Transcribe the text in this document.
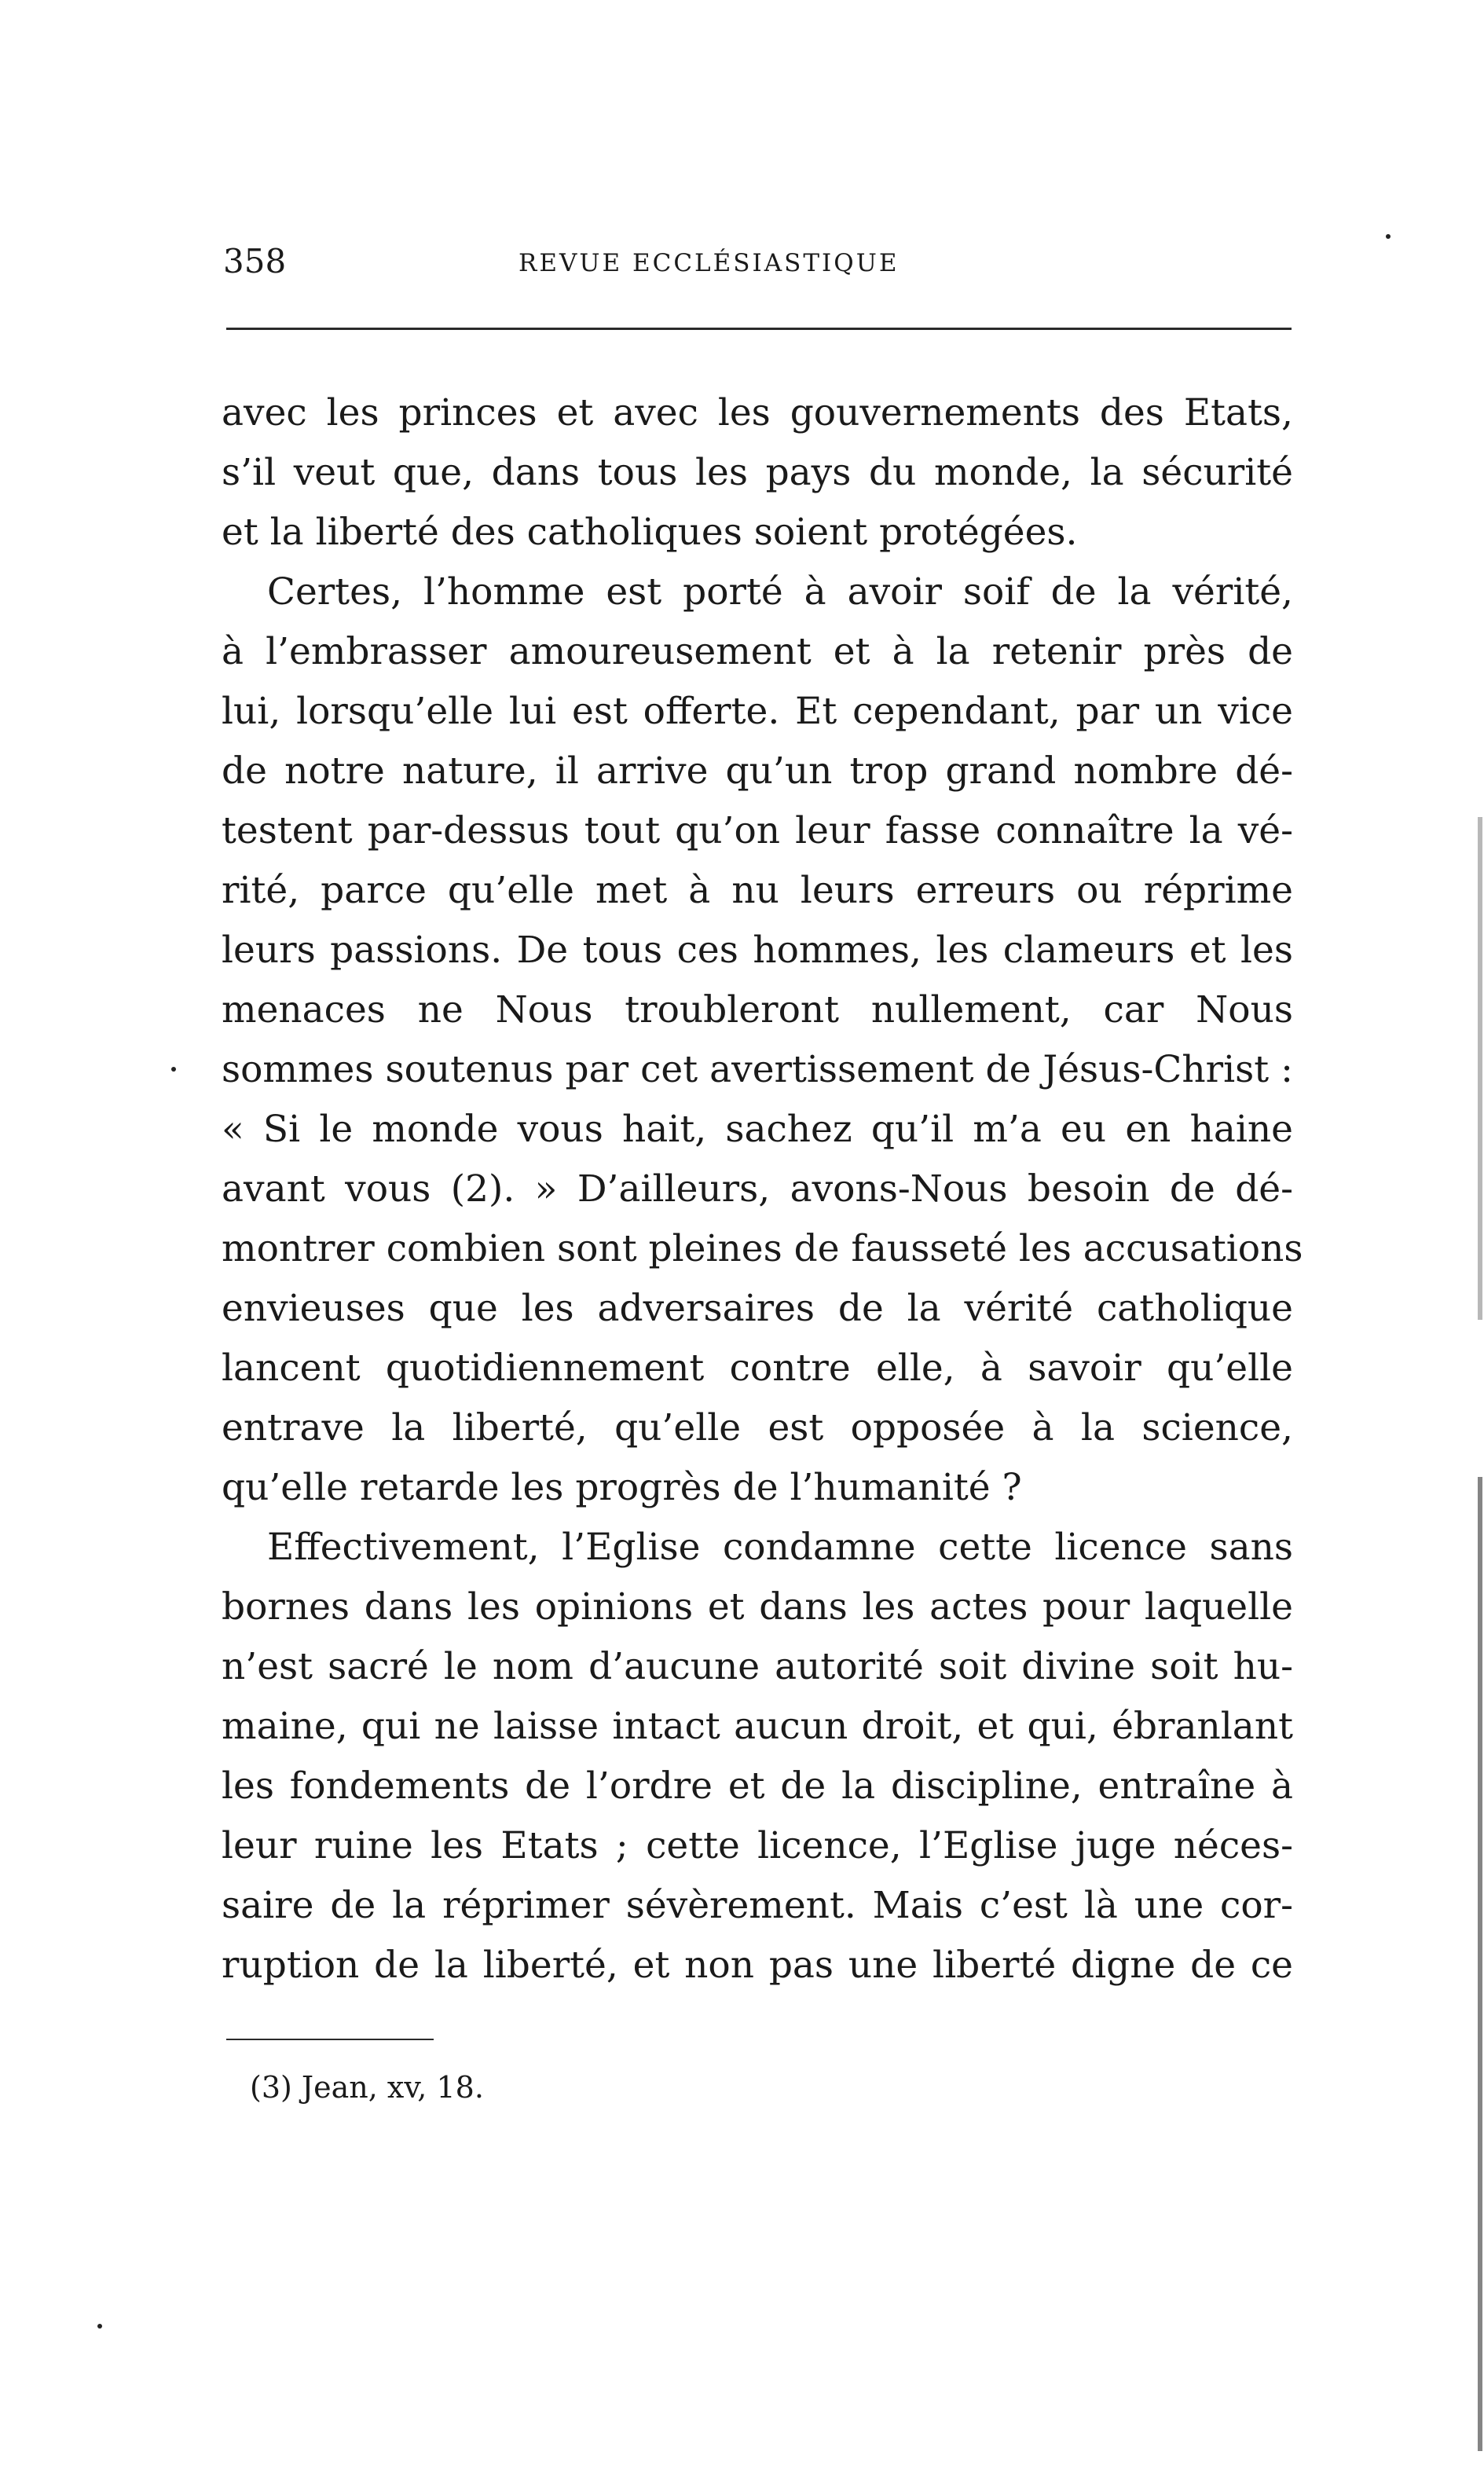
358	REVUE ECCLÉSIASTIQUE
avec les princes et avec les gouvernements des Etats,
s’il veut que, dans tous les pays du monde, la sécurité
et la liberté des catholiques soient protégées.
Certes, l’homme est porté à avoir soif de la vérité,
à l’embrasser amoureusement et à la retenir près de
lui, lorsqu’elle lui est offerte. Et cependant, par un vice
de notre nature, il arrive qu’un trop grand nombre dé-
testent par-dessus tout qu’on leur fasse connaître la vé-
rité, parce qu’elle met à nu leurs erreurs ou réprime
leurs passions. De tous ces hommes, les clameurs et les
menaces ne Nous troubleront nullement, car Nous
sommes soutenus par cet avertissement de Jésus-Christ :
« Si le monde vous hait, sachez qu’il m’a eu en haine
avant vous (2). » D’ailleurs, avons-Nous besoin de dé-
montrer combien sont pleines de fausseté les accusations
envieuses que les adversaires de la vérité catholique
lancent quotidiennement contre elle, à savoir qu’elle
entrave la liberté, qu’elle est opposée à la science,
qu’elle retarde les progrès de l’humanité ?
Effectivement, l’Eglise condamne cette licence sans
bornes dans les opinions et dans les actes pour laquelle
n’est sacré le nom d’aucune autorité soit divine soit hu-
maine, qui ne laisse intact aucun droit, et qui, ébranlant
les fondements de l’ordre et de la discipline, entraîne à
leur ruine les Etats ; cette licence, l’Eglise juge néces-
saire de la réprimer sévèrement. Mais c’est là une cor-
ruption de la liberté, et non pas une liberté digne de ce
(3) Jean, xv, 18.
